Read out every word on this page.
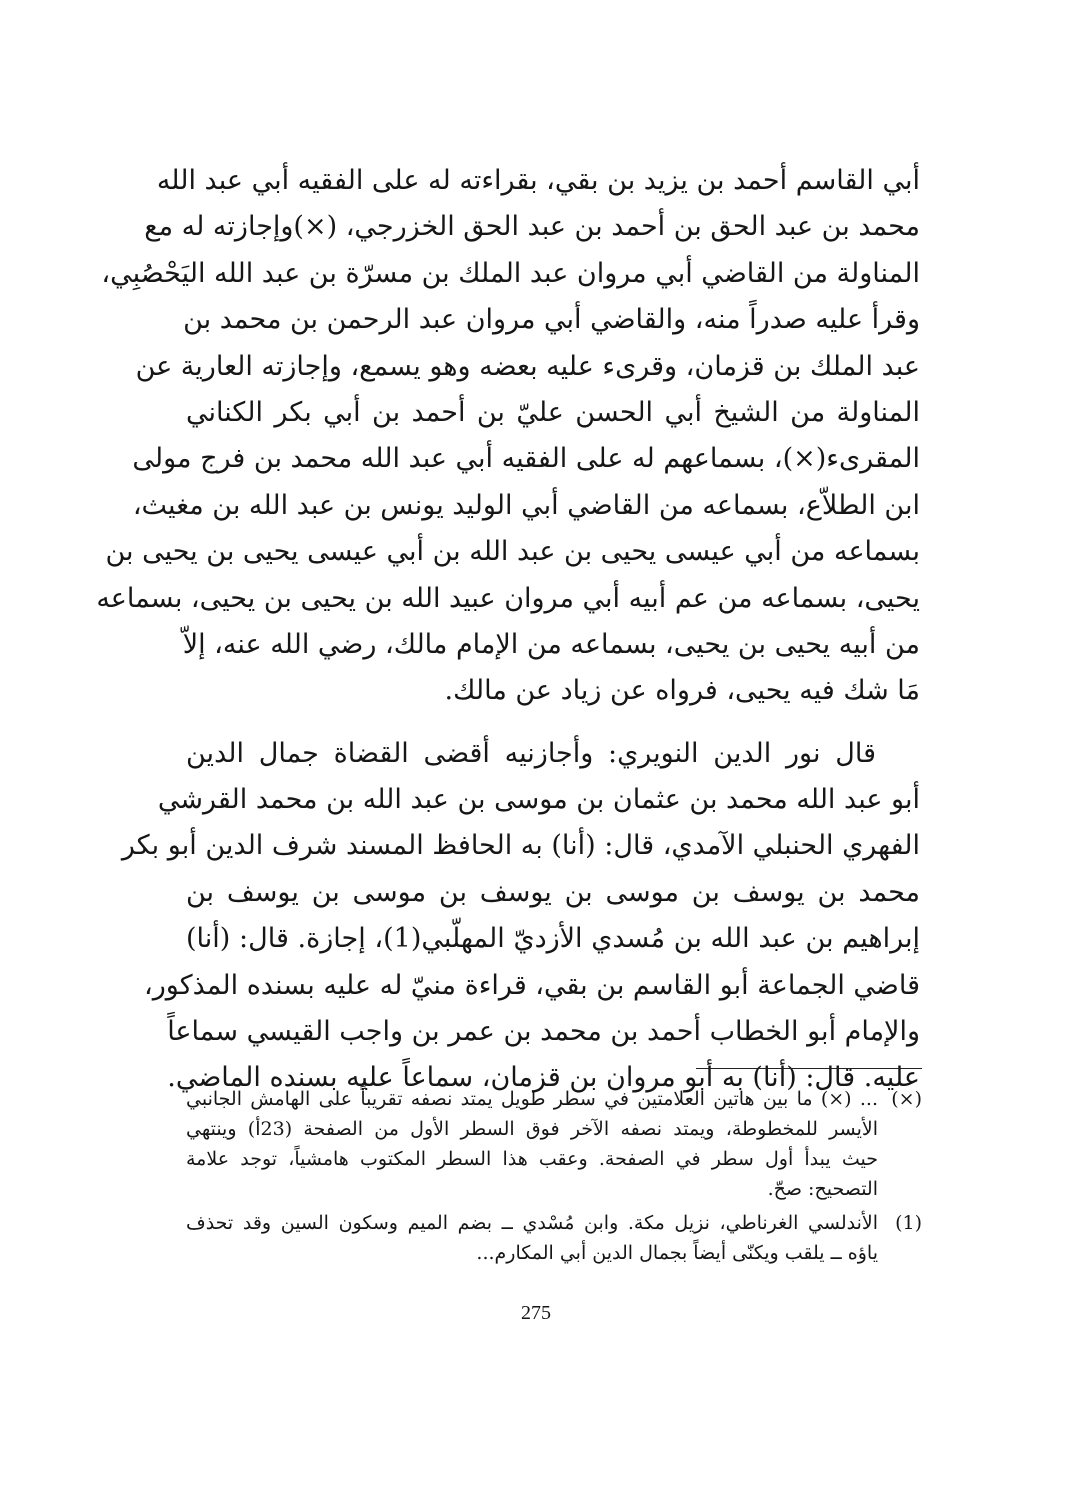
أبي القاسم أحمد بن يزيد بن بقي، بقراءته له على الفقيه أبي عبد الله
محمد بن عبد الحق بن أحمد بن عبد الحق الخزرجي، (×)وإجازته له مع
المناولة من القاضي أبي مروان عبد الملك بن مسرّة بن عبد الله اليَحْصُبِي،
وقرأ عليه صدراً منه، والقاضي أبي مروان عبد الرحمن بن محمد بن
عبد الملك بن قزمان، وقرىء عليه بعضه وهو يسمع، وإجازته العارية عن
المناولة من الشيخ أبي الحسن عليّ بن أحمد بن أبي بكر الكناني
المقرىء(×)، بسماعهم له على الفقيه أبي عبد الله محمد بن فرج مولى
ابن الطلاّع، بسماعه من القاضي أبي الوليد يونس بن عبد الله بن مغيث،
بسماعه من أبي عيسى يحيى بن عبد الله بن أبي عيسى يحيى بن يحيى بن
يحيى، بسماعه من عم أبيه أبي مروان عبيد الله بن يحيى بن يحيى، بسماعه
من أبيه يحيى بن يحيى، بسماعه من الإمام مالك، رضي الله عنه، إلاّ
مَا شك فيه يحيى، فرواه عن زياد عن مالك.
قال نور الدين النويري: وأجازنيه أقضى القضاة جمال الدين
أبو عبد الله محمد بن عثمان بن موسى بن عبد الله بن محمد القرشي
الفهري الحنبلي الآمدي، قال: (أنا) به الحافظ المسند شرف الدين أبو بكر
محمد بن يوسف بن موسى بن يوسف بن موسى بن يوسف بن
إبراهيم بن عبد الله بن مُسدي الأزديّ المهلّبي(1)، إجازة. قال: (أنا)
قاضي الجماعة أبو القاسم بن بقي، قراءة منيّ له عليه بسنده المذكور،
والإمام أبو الخطاب أحمد بن محمد بن عمر بن واجب القيسي سماعاً
عليه. قال: (أنا) به أبو مروان بن قزمان، سماعاً عليه بسنده الماضي.
(×)
... (×) ما بين هاتين العلامتين في سطر طويل يمتد نصفه تقريباً على الهامش الجانبي
الأيسر للمخطوطة، ويمتد نصفه الآخر فوق السطر الأول من الصفحة (23أ) وينتهي
حيث يبدأ أول سطر في الصفحة. وعقب هذا السطر المكتوب هامشياً، توجد علامة
التصحيح: صحّ.
(1)
الأندلسي الغرناطي، نزيل مكة. وابن مُسْدي ــ بضم الميم وسكون السين وقد تحذف
ياؤه ــ يلقب ويكنّى أيضاً بجمال الدين أبي المكارم...
275
